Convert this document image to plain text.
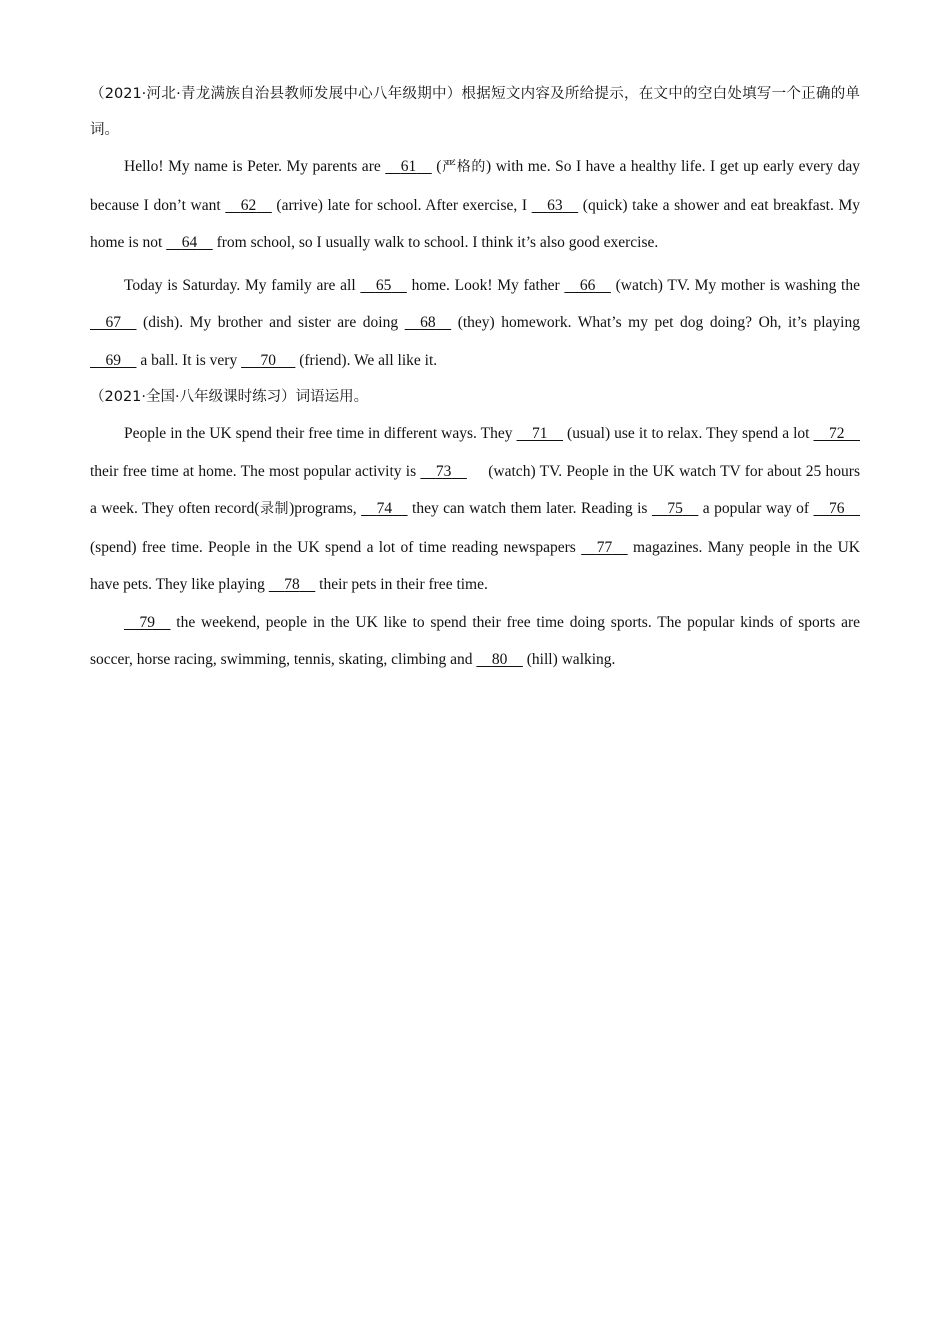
（2021·河北·青龙满族自治县教师发展中心八年级期中）根据短文内容及所给提示，在文中的空白处填写一个正确的单词。

Hello! My name is Peter. My parents are     61     (严格的) with me. So I have a healthy life. I get up early every day because I don’t want     62     (arrive) late for school. After exercise, I     63     (quick) take a shower and eat breakfast. My home is not     64     from school, so I usually walk to school. I think it’s also good exercise.

Today is Saturday. My family are all     65     home. Look! My father     66     (watch) TV. My mother is washing the     67     (dish). My brother and sister are doing     68     (they) homework. What’s my pet dog doing? Oh, it’s playing     69     a ball. It is very      70      (friend). We all like it.

（2021·全国·八年级课时练习）词语运用。

People in the UK spend their free time in different ways. They     71     (usual) use it to relax. They spend a lot     72     their free time at home. The most popular activity is     73         (watch) TV. People in the UK watch TV for about 25 hours a week. They often record(录制)programs,     74     they can watch them later. Reading is     75     a popular way of     76     (spend) free time. People in the UK spend a lot of time reading newspapers     77     magazines. Many people in the UK have pets. They like playing     78     their pets in their free time.

79     the weekend, people in the UK like to spend their free time doing sports. The popular kinds of sports are soccer, horse racing, swimming, tennis, skating, climbing and     80     (hill) walking.
